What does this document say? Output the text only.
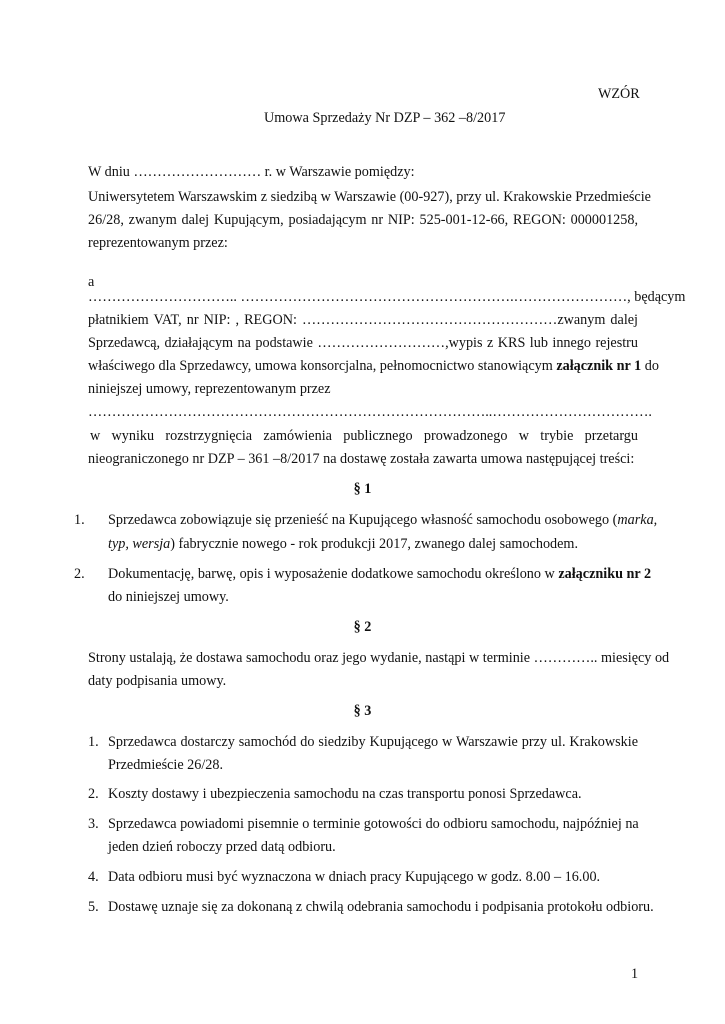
WZÓR
Umowa Sprzedaży Nr DZP – 362 –8/2017
W dniu ……………………… r. w Warszawie pomiędzy:
Uniwersytetem Warszawskim z siedzibą w Warszawie (00-927), przy ul. Krakowskie Przedmieście
26/28, zwanym dalej Kupującym, posiadającym nr NIP: 525-001-12-66, REGON: 000001258,
reprezentowanym przez:
a
………………………….. ………………………………………………….……………………, będącym
płatnikiem VAT, nr NIP: , REGON: ………………………………………………zwanym dalej
Sprzedawcą, działającym na podstawie ………………………,wypis z KRS lub innego rejestru
właściwego dla Sprzedawcy, umowa konsorcjalna, pełnomocnictwo stanowiącym załącznik nr 1 do
niniejszej umowy, reprezentowanym przez
…………………………………………………………………………..…………………………….
w wyniku rozstrzygnięcia zamówienia publicznego prowadzonego w trybie przetargu
nieograniczonego nr DZP – 361 –8/2017 na dostawę została zawarta umowa następującej treści:
§ 1
1. Sprzedawca zobowiązuje się przenieść na Kupującego własność samochodu osobowego (marka,
typ, wersja) fabrycznie nowego - rok produkcji 2017, zwanego dalej samochodem.
2. Dokumentację, barwę, opis i wyposażenie dodatkowe samochodu określono w załączniku nr 2
do niniejszej umowy.
§ 2
Strony ustalają, że dostawa samochodu oraz jego wydanie, nastąpi w terminie ………….. miesięcy od
daty podpisania umowy.
§ 3
1. Sprzedawca dostarczy samochód do siedziby Kupującego w Warszawie przy ul. Krakowskie
Przedmieście 26/28.
2. Koszty dostawy i ubezpieczenia samochodu na czas transportu ponosi Sprzedawca.
3. Sprzedawca powiadomi pisemnie o terminie gotowości do odbioru samochodu, najpóźniej na
jeden dzień roboczy przed datą odbioru.
4. Data odbioru musi być wyznaczona w dniach pracy Kupującego w godz. 8.00 – 16.00.
5. Dostawę uznaje się za dokonaną z chwilą odebrania samochodu i podpisania protokołu odbioru.
1
